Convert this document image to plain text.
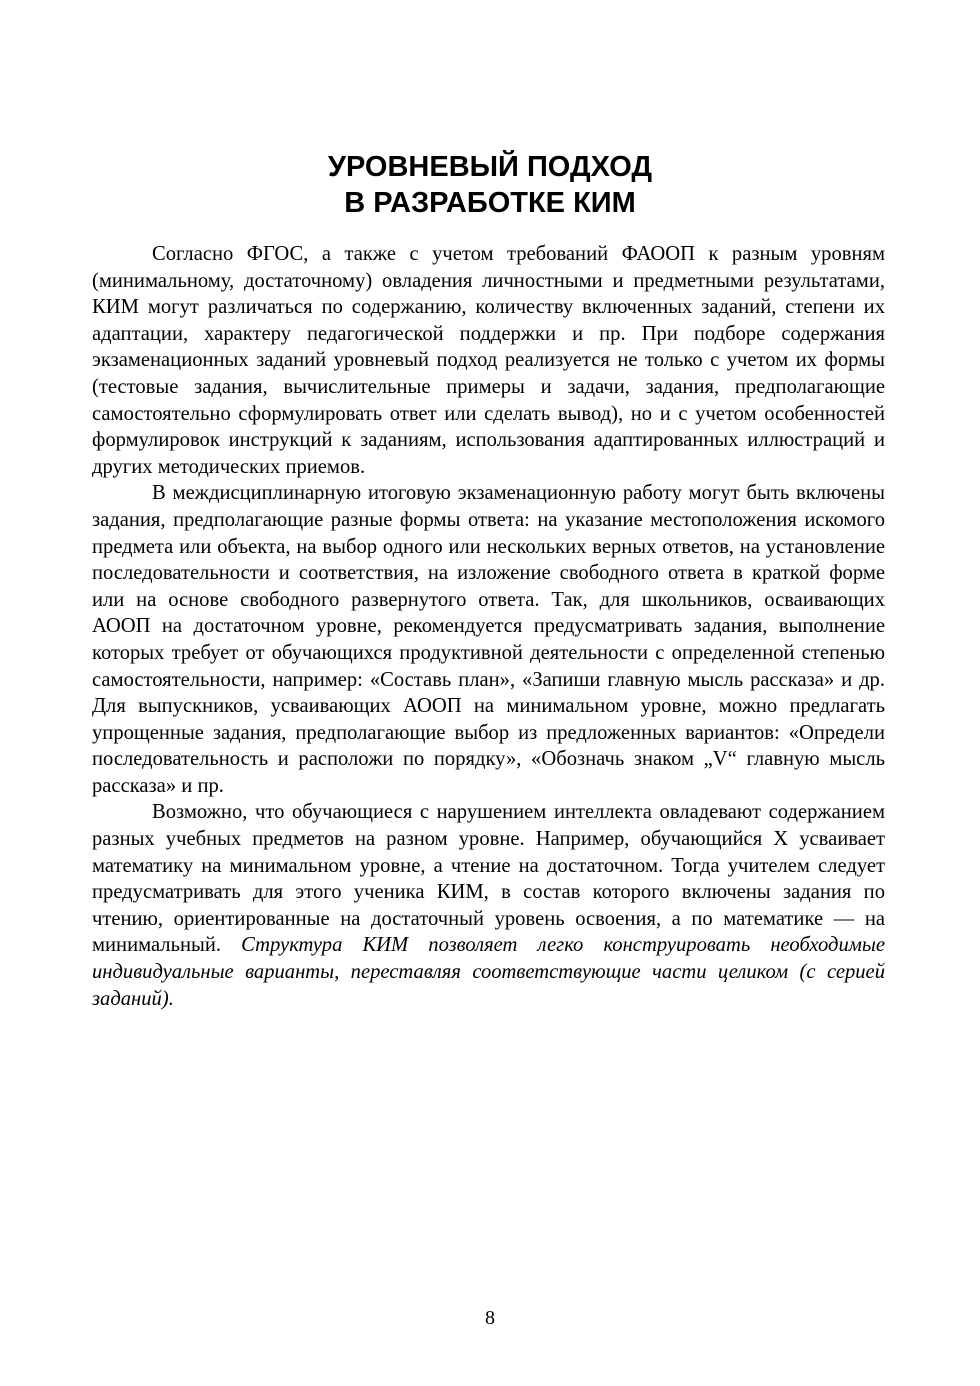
УРОВНЕВЫЙ ПОДХОД
В РАЗРАБОТКЕ КИМ

Согласно ФГОС, а также с учетом требований ФАООП к разным уровням (минимальному, достаточному) овладения личностными и предметными результатами, КИМ могут различаться по содержанию, количеству включенных заданий, степени их адаптации, характеру педагогической поддержки и пр. При подборе содержания экзаменационных заданий уровневый подход реализуется не только с учетом их формы (тестовые задания, вычислительные примеры и задачи, задания, предполагающие самостоятельно сформулировать ответ или сделать вывод), но и с учетом особенностей формулировок инструкций к заданиям, использования адаптированных иллюстраций и других методических приемов.

В междисциплинарную итоговую экзаменационную работу могут быть включены задания, предполагающие разные формы ответа: на указание местоположения искомого предмета или объекта, на выбор одного или нескольких верных ответов, на установление последовательности и соответствия, на изложение свободного ответа в краткой форме или на основе свободного развернутого ответа. Так, для школьников, осваивающих АООП на достаточном уровне, рекомендуется предусматривать задания, выполнение которых требует от обучающихся продуктивной деятельности с определенной степенью самостоятельности, например: «Составь план», «Запиши главную мысль рассказа» и др. Для выпускников, усваивающих АООП на минимальном уровне, можно предлагать упрощенные задания, предполагающие выбор из предложенных вариантов: «Определи последовательность и расположи по порядку», «Обозначь знаком „V“ главную мысль рассказа» и пр.

Возможно, что обучающиеся с нарушением интеллекта овладевают содержанием разных учебных предметов на разном уровне. Например, обучающийся Х усваивает математику на минимальном уровне, а чтение на достаточном. Тогда учителем следует предусматривать для этого ученика КИМ, в состав которого включены задания по чтению, ориентированные на достаточный уровень освоения, а по математике — на минимальный. Структура КИМ позволяет легко конструировать необходимые индивидуальные варианты, переставляя соответствующие части целиком (с серией заданий).

8
